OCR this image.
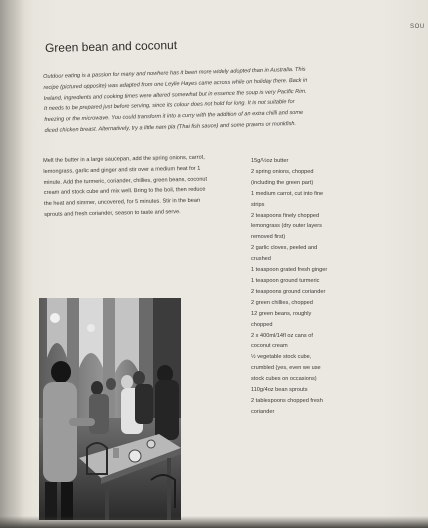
SOU
Green bean and coconut
Outdoor eating is a passion for many and nowhere has it been more widely adopted than in Australia. This
recipe (pictured opposite) was adapted from one Leylie Hayes came across while on holiday there. Back in
Ireland, ingredients and cooking times were altered somewhat but in essence the soup is very Pacific Rim.
It needs to be prepared just before serving, since its colour does not hold for long. It is not suitable for
freezing or the microwave. You could transform it into a curry with the addition of an extra chilli and some
diced chicken breast. Alternatively, try a little nam pla (Thai fish sauce) and some prawns or monkfish.
Melt the butter in a large saucepan, add the spring onions, carrot,
lemongrass, garlic and ginger and stir over a medium heat for 1
minute. Add the turmeric, coriander, chillies, green beans, coconut
cream and stock cube and mix well. Bring to the boil, then reduce
the heat and simmer, uncovered, for 5 minutes. Stir in the bean
sprouts and fresh coriander, season to taste and serve.
15g/½oz butter
2 spring onions, chopped
(including the green part)
1 medium carrot, cut into fine
strips
2 teaspoons finely chopped
lemongrass (dry outer layers
removed first)
2 garlic cloves, peeled and
crushed
1 teaspoon grated fresh ginger
1 teaspoon ground turmeric
2 teaspoons ground coriander
2 green chillies, chopped
12 green beans, roughly
chopped
2 x 400ml/14fl oz cans of
coconut cream
½ vegetable stock cube,
crumbled (yes, even we use
stock cubes on occasions)
110g/4oz bean sprouts
2 tablespoons chopped fresh
coriander
